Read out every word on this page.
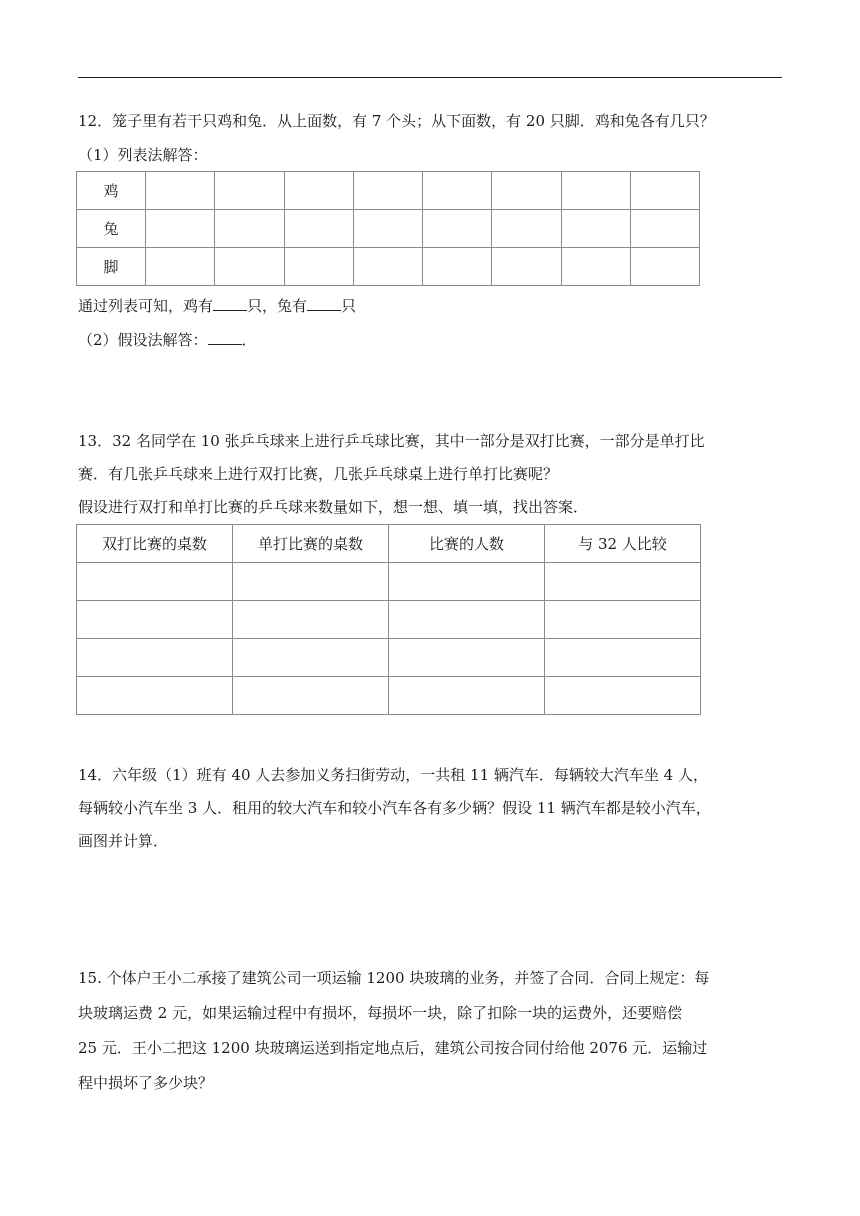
12．笼子里有若干只鸡和兔．从上面数，有 7 个头；从下面数，有 20 只脚．鸡和兔各有几只？
（1）列表法解答：
鸡								
兔								
脚								
通过列表可知，鸡有 只，兔有 只
（2）假设法解答： ．
13．32 名同学在 10 张乒乓球来上进行乒乓球比赛，其中一部分是双打比赛，一部分是单打比
赛．有几张乒乓球来上进行双打比赛，几张乒乓球桌上进行单打比赛呢？
假设进行双打和单打比赛的乒乓球来数量如下，想一想、填一填，找出答案．
双打比赛的桌数	单打比赛的桌数	比赛的人数	与 32 人比较

14．六年级（1）班有 40 人去参加义务扫街劳动，一共租 11 辆汽车．每辆较大汽车坐 4 人，
每辆较小汽车坐 3 人．租用的较大汽车和较小汽车各有多少辆？假设 11 辆汽车都是较小汽车，
画图并计算．
15. 个体户王小二承接了建筑公司一项运输 1200 块玻璃的业务，并签了合同．合同上规定：每
块玻璃运费 2 元，如果运输过程中有损坏，每损坏一块，除了扣除一块的运费外，还要赔偿
25 元．王小二把这 1200 块玻璃运送到指定地点后，建筑公司按合同付给他 2076 元．运输过
程中损坏了多少块？
